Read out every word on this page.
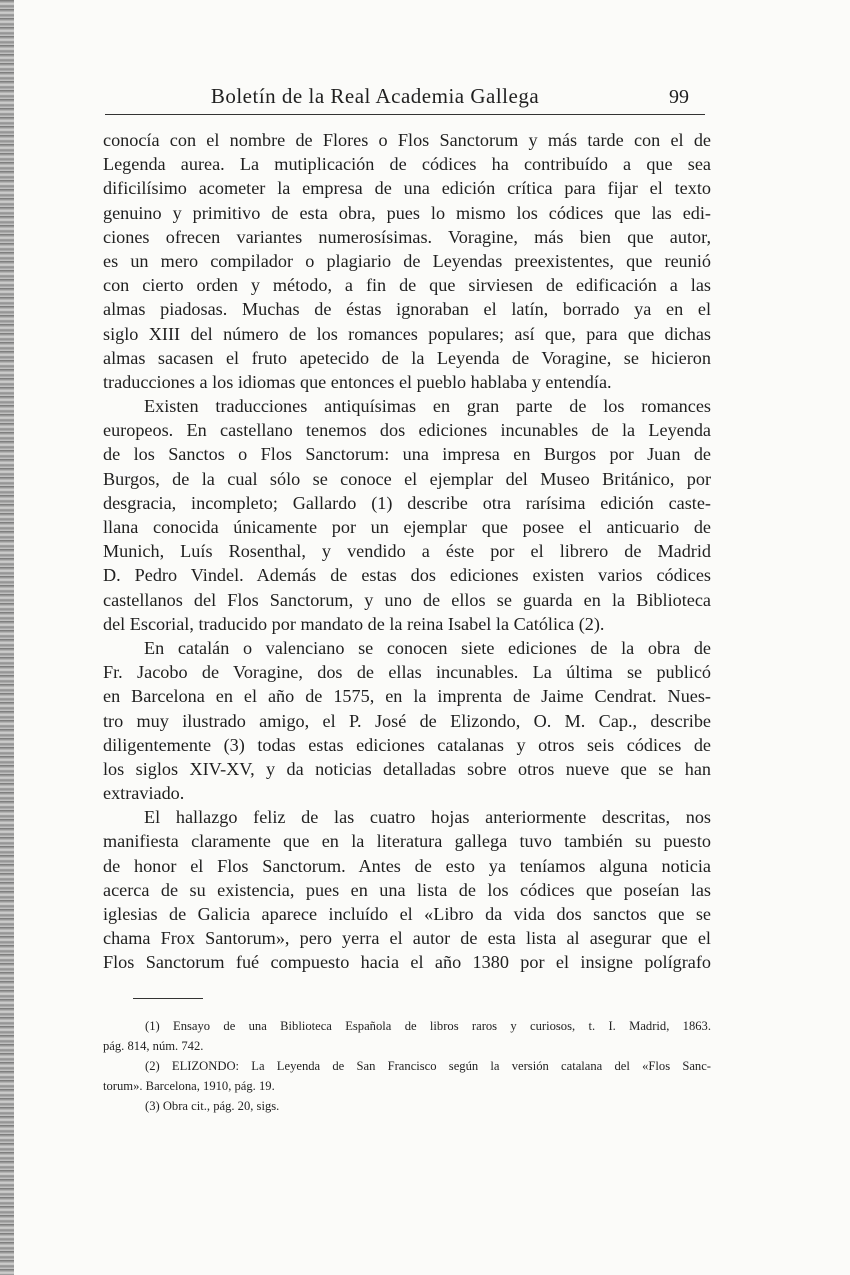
Boletín de la Real Academia Gallega	99
conocía con el nombre de Flores o Flos Sanctorum y más tarde con el de
Legenda aurea. La mutiplicación de códices ha contribuído a que sea
dificilísimo acometer la empresa de una edición crítica para fijar el texto
genuino y primitivo de esta obra, pues lo mismo los códices que las edi-
ciones ofrecen variantes numerosísimas. Voragine, más bien que autor,
es un mero compilador o plagiario de Leyendas preexistentes, que reunió
con cierto orden y método, a fin de que sirviesen de edificación a las
almas piadosas. Muchas de éstas ignoraban el latín, borrado ya en el
siglo XIII del número de los romances populares; así que, para que dichas
almas sacasen el fruto apetecido de la Leyenda de Voragine, se hicieron
traducciones a los idiomas que entonces el pueblo hablaba y entendía.
Existen traducciones antiquísimas en gran parte de los romances
europeos. En castellano tenemos dos ediciones incunables de la Leyenda
de los Sanctos o Flos Sanctorum: una impresa en Burgos por Juan de
Burgos, de la cual sólo se conoce el ejemplar del Museo Británico, por
desgracia, incompleto; Gallardo (1) describe otra rarísima edición caste-
llana conocida únicamente por un ejemplar que posee el anticuario de
Munich, Luís Rosenthal, y vendido a éste por el librero de Madrid
D. Pedro Vindel. Además de estas dos ediciones existen varios códices
castellanos del Flos Sanctorum, y uno de ellos se guarda en la Biblioteca
del Escorial, traducido por mandato de la reina Isabel la Católica (2).
En catalán o valenciano se conocen siete ediciones de la obra de
Fr. Jacobo de Voragine, dos de ellas incunables. La última se publicó
en Barcelona en el año de 1575, en la imprenta de Jaime Cendrat. Nues-
tro muy ilustrado amigo, el P. José de Elizondo, O. M. Cap., describe
diligentemente (3) todas estas ediciones catalanas y otros seis códices de
los siglos XIV-XV, y da noticias detalladas sobre otros nueve que se han
extraviado.
El hallazgo feliz de las cuatro hojas anteriormente descritas, nos
manifiesta claramente que en la literatura gallega tuvo también su puesto
de honor el Flos Sanctorum. Antes de esto ya teníamos alguna noticia
acerca de su existencia, pues en una lista de los códices que poseían las
iglesias de Galicia aparece incluído el «Libro da vida dos sanctos que se
chama Frox Santorum», pero yerra el autor de esta lista al asegurar que el
Flos Sanctorum fué compuesto hacia el año 1380 por el insigne polígrafo
(1) Ensayo de una Biblioteca Española de libros raros y curiosos, t. I. Madrid, 1863.
pág. 814, núm. 742.
(2) ELIZONDO: La Leyenda de San Francisco según la versión catalana del «Flos Sanc-
torum». Barcelona, 1910, pág. 19.
(3) Obra cit., pág. 20, sigs.
